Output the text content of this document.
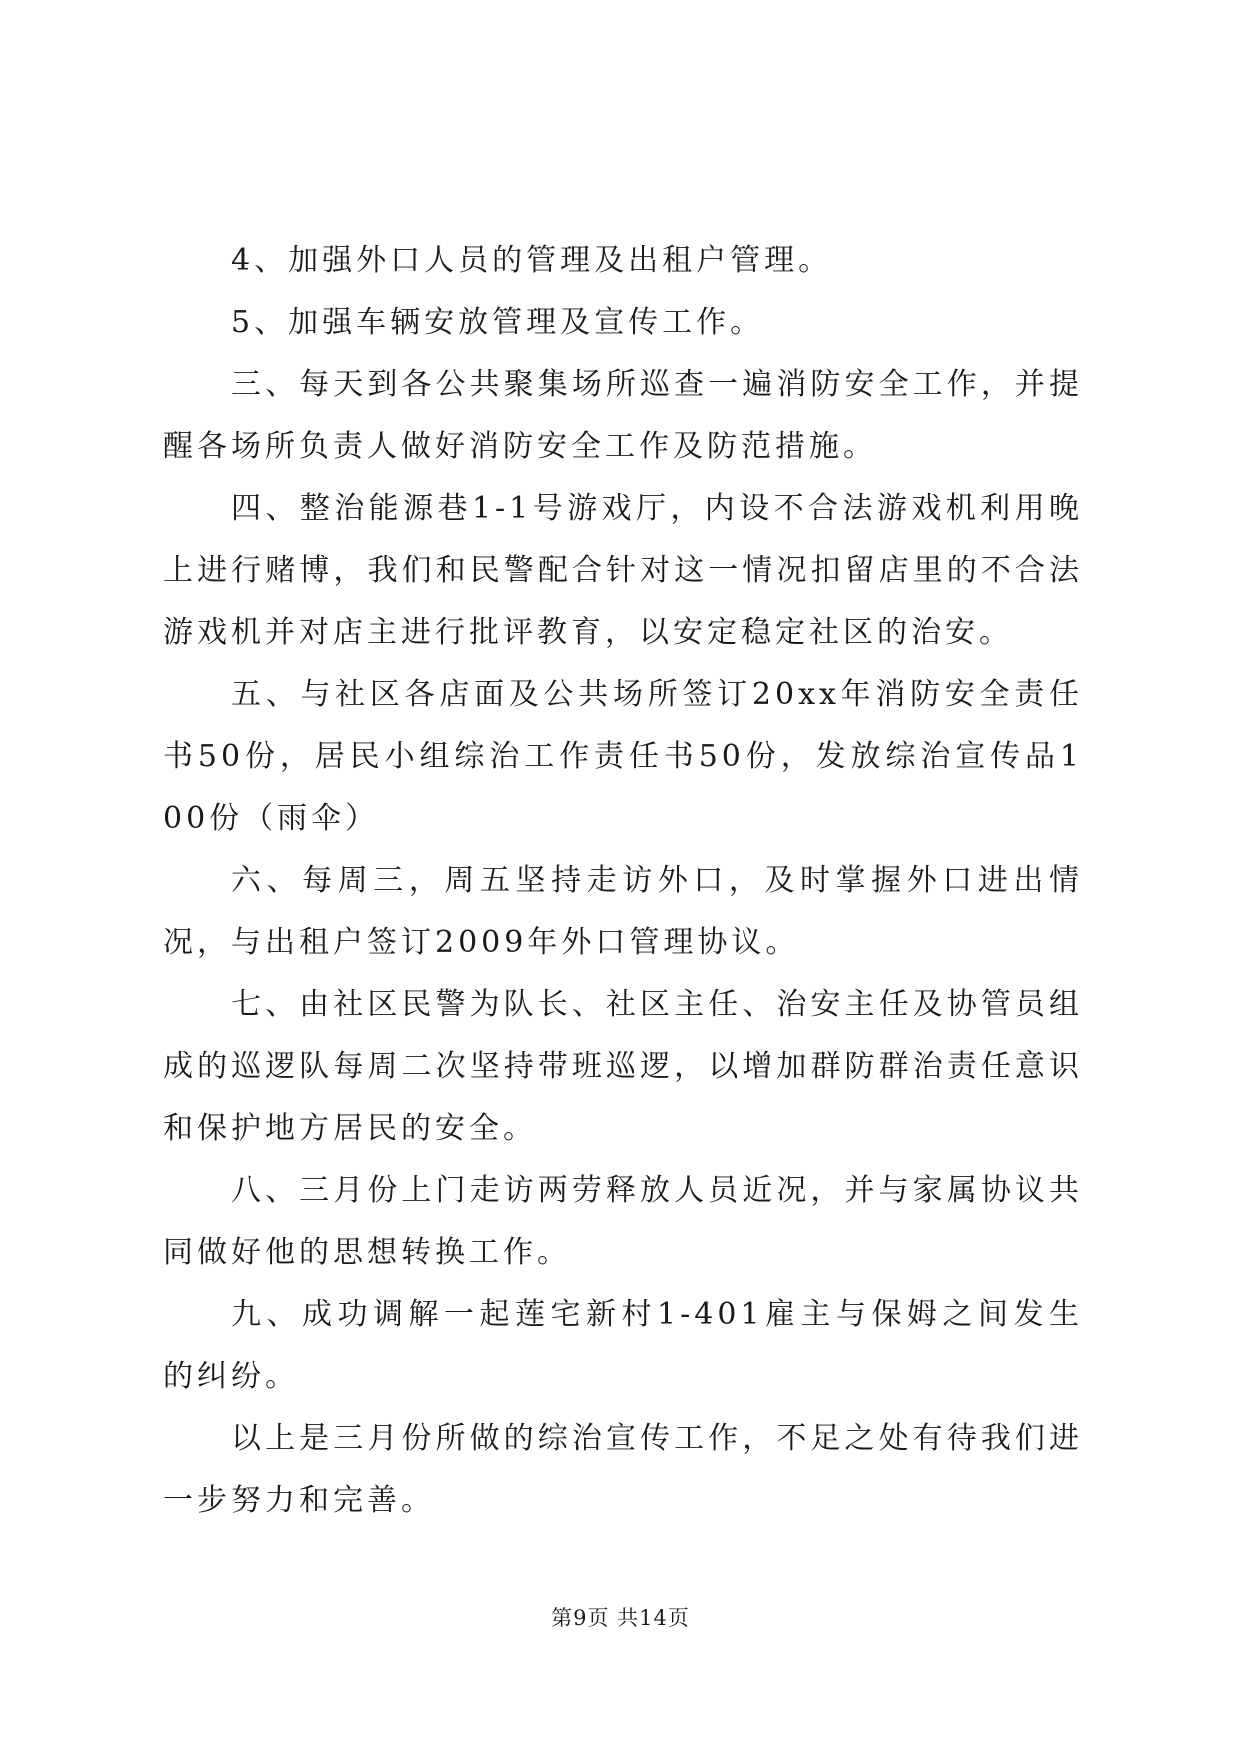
4、加强外口人员的管理及出租户管理。

5、加强车辆安放管理及宣传工作。

三、每天到各公共聚集场所巡查一遍消防安全工作，并提醒各场所负责人做好消防安全工作及防范措施。

四、整治能源巷1-1号游戏厅，内设不合法游戏机利用晚上进行赌博，我们和民警配合针对这一情况扣留店里的不合法游戏机并对店主进行批评教育，以安定稳定社区的治安。

五、与社区各店面及公共场所签订20xx年消防安全责任书50份，居民小组综治工作责任书50份，发放综治宣传品100份（雨伞）

六、每周三，周五坚持走访外口，及时掌握外口进出情况，与出租户签订2009年外口管理协议。

七、由社区民警为队长、社区主任、治安主任及协管员组成的巡逻队每周二次坚持带班巡逻，以增加群防群治责任意识和保护地方居民的安全。

八、三月份上门走访两劳释放人员近况，并与家属协议共同做好他的思想转换工作。

九、成功调解一起莲宅新村1-401雇主与保姆之间发生的纠纷。

以上是三月份所做的综治宣传工作，不足之处有待我们进一步努力和完善。

第9页 共14页
